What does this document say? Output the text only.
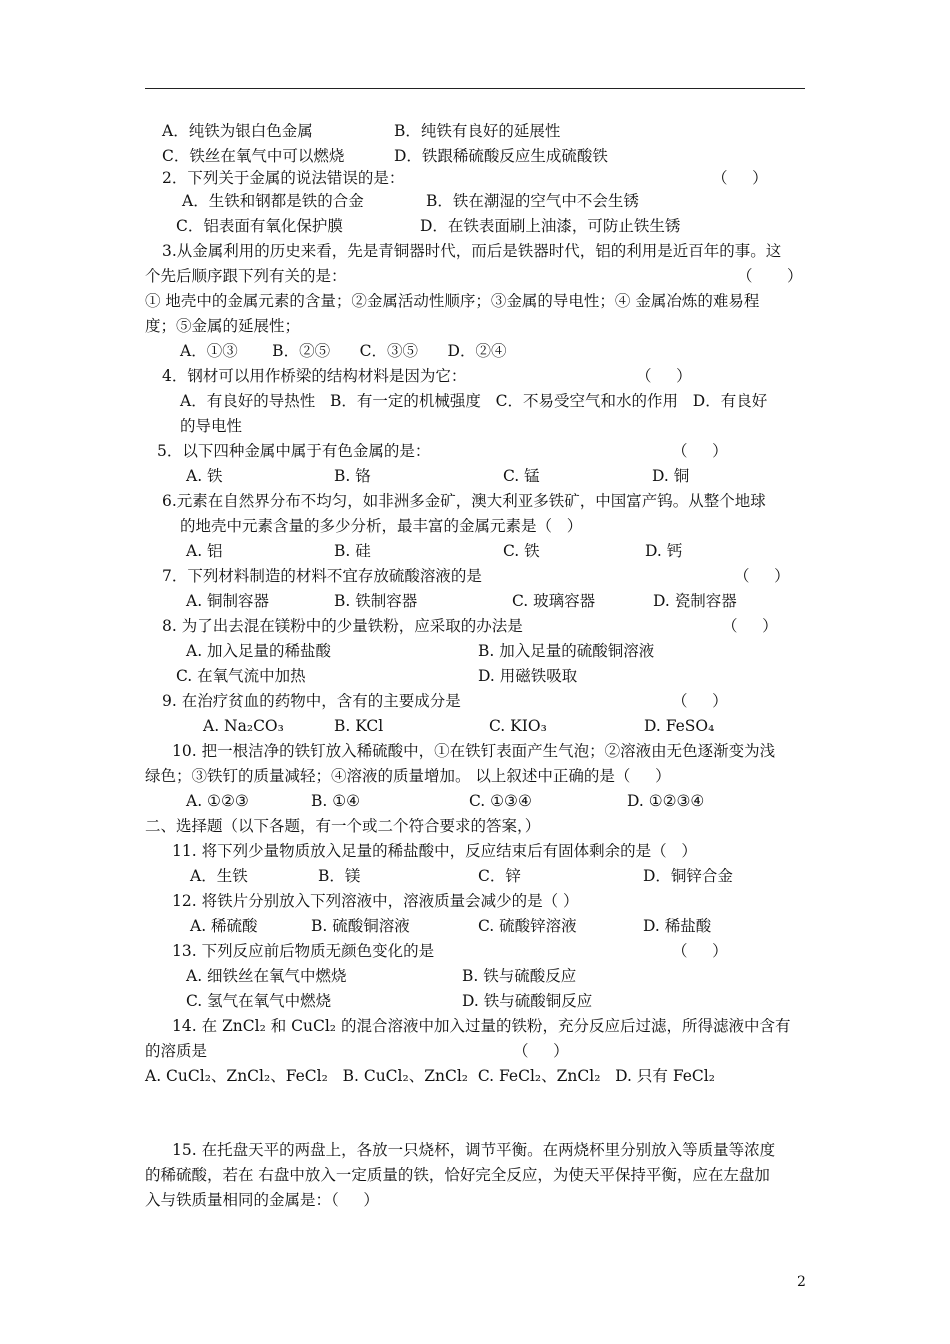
A．纯铁为银白色金属	B．纯铁有良好的延展性
C．铁丝在氧气中可以燃烧	D．铁跟稀硫酸反应生成硫酸铁
2．下列关于金属的说法错误的是：	（     ）
A．生铁和钢都是铁的合金	B．铁在潮湿的空气中不会生锈
C．铝表面有氧化保护膜	D．在铁表面刷上油漆，可防止铁生锈
3.从金属利用的历史来看，先是青铜器时代，而后是铁器时代，铝的利用是近百年的事。这
个先后顺序跟下列有关的是：	（       ）
① 地壳中的金属元素的含量；②金属活动性顺序；③金属的导电性；④ 金属冶炼的难易程
度；⑤金属的延展性；
A．①③       B．②⑤      C．③⑤      D．②④
4．钢材可以用作桥梁的结构材料是因为它：	（     ）
A．有良好的导热性   B．有一定的机械强度   C．不易受空气和水的作用   D．有良好
的导电性
5．以下四种金属中属于有色金属的是：	（     ）
A. 铁	B. 铬	C. 锰	D. 铜
6.元素在自然界分布不均匀，如非洲多金矿，澳大利亚多铁矿，中国富产钨。从整个地球
的地壳中元素含量的多少分析，最丰富的金属元素是（   ）
A. 铝	B. 硅	C. 铁	D. 钙
7．下列材料制造的材料不宜存放硫酸溶液的是	（     ）
A. 铜制容器	B. 铁制容器	C. 玻璃容器	D. 瓷制容器
8. 为了出去混在镁粉中的少量铁粉，应采取的办法是	（     ）
A. 加入足量的稀盐酸	B. 加入足量的硫酸铜溶液
C. 在氧气流中加热	D. 用磁铁吸取
9. 在治疗贫血的药物中，含有的主要成分是	（     ）
A. Na₂CO₃	B. KCl	C. KIO₃	D. FeSO₄
10. 把一根洁净的铁钉放入稀硫酸中，①在铁钉表面产生气泡；②溶液由无色逐渐变为浅
绿色；③铁钉的质量减轻；④溶液的质量增加。 以上叙述中正确的是（     ）
A. ①②③	B. ①④	C. ①③④	D. ①②③④
二、选择题（以下各题，有一个或二个符合要求的答案，）
11. 将下列少量物质放入足量的稀盐酸中，反应结束后有固体剩余的是（   ）
A．生铁	B．镁	C．锌	D．铜锌合金
12. 将铁片分别放入下列溶液中，溶液质量会减少的是（ ）
A. 稀硫酸	B. 硫酸铜溶液	C. 硫酸锌溶液	D. 稀盐酸
13. 下列反应前后物质无颜色变化的是	（     ）
A. 细铁丝在氧气中燃烧	B. 铁与硫酸反应
C. 氢气在氧气中燃烧	D. 铁与硫酸铜反应
14. 在 ZnCl₂ 和 CuCl₂ 的混合溶液中加入过量的铁粉，充分反应后过滤，所得滤液中含有
的溶质是	（     ）
A. CuCl₂、ZnCl₂、FeCl₂   B. CuCl₂、ZnCl₂  C. FeCl₂、ZnCl₂   D. 只有 FeCl₂
15. 在托盘天平的两盘上，各放一只烧杯，调节平衡。在两烧杯里分别放入等质量等浓度
的稀硫酸，若在 右盘中放入一定质量的铁，恰好完全反应，为使天平保持平衡，应在左盘加
入与铁质量相同的金属是：（     ）
2
